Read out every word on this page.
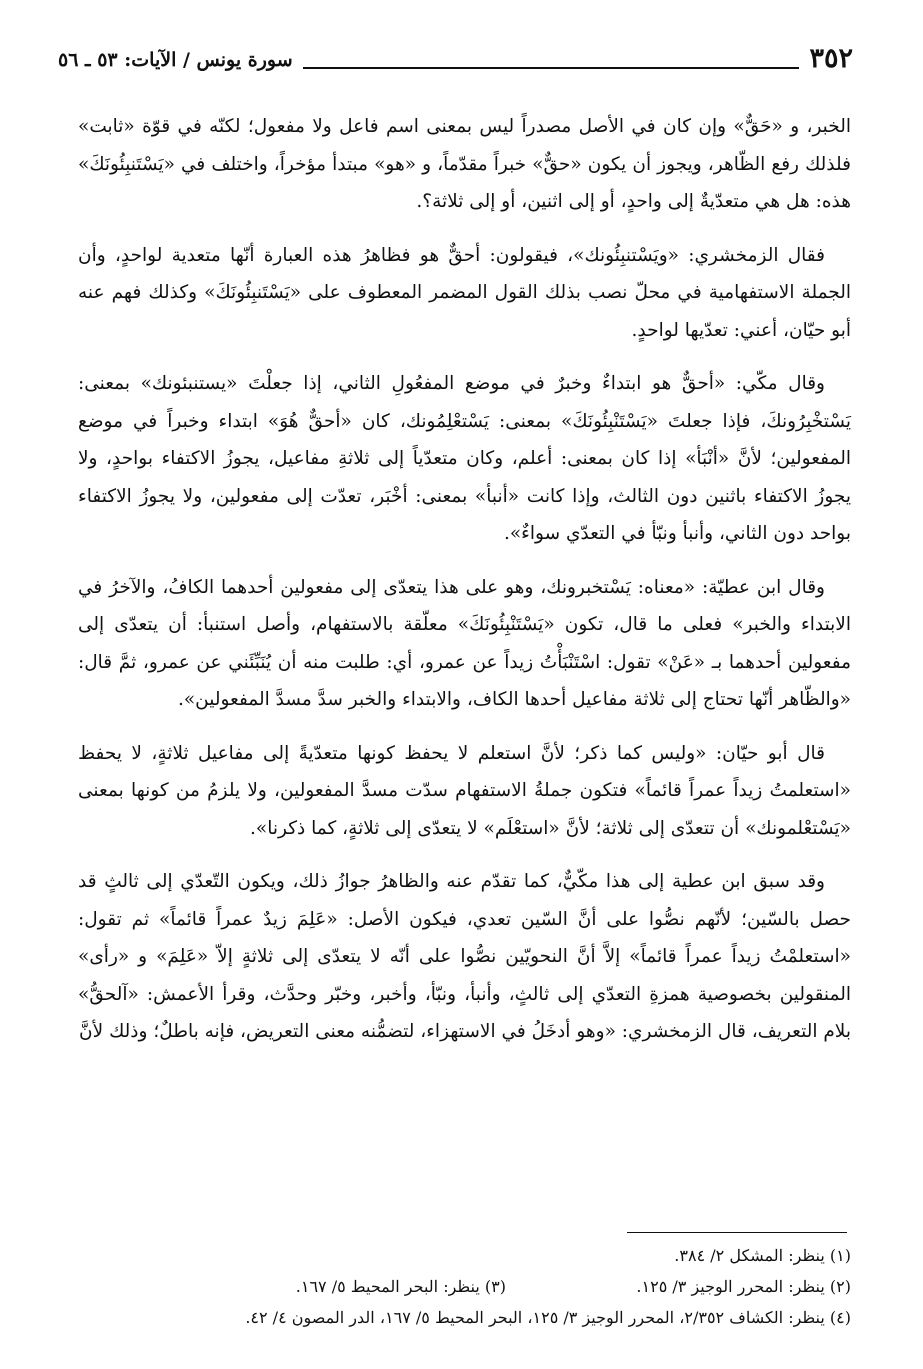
٣٥٢
سورة يونس / الآيات: ٥٣ ـ ٥٦

الخبر، و «حَقٌّ» وإن كان في الأصل مصدراً ليس بمعنى اسم فاعل ولا مفعول؛ لكنّه في قوّة «ثابت» فلذلك رفع الظّاهر، ويجوز أن يكون «حقٌّ» خبراً مقدّماً، و «هو» مبتدأ مؤخراً، واختلف في «يَسْتَنبِئُونَكَ» هذه: هل هي متعدّيةٌ إلى واحدٍ، أو إلى اثنين، أو إلى ثلاثة؟.

فقال الزمخشري: «ويَسْتنبِئُونك»، فيقولون: أحقٌّ هو فظاهرُ هذه العبارة أنّها متعدية لواحدٍ، وأن الجملة الاستفهامية في محلّ نصب بذلك القول المضمر المعطوف على «يَسْتَنبِئُونَكَ» وكذلك فهم عنه أبو حيّان، أعني: تعدّيها لواحدٍ.

وقال مكّي: «أحقٌّ هو ابتداءٌ وخبرٌ في موضع المفعُولِ الثاني، إذا جعلْتَ «يستنبئونك» بمعنى: يَسْتخْبِرُونكَ، فإذا جعلتَ «يَسْتَنْبِئُونَكَ» بمعنى: يَسْتعْلِمُونك، كان «أحقٌّ هُوَ» ابتداء وخبراً في موضع المفعولين؛ لأنَّ «أنْبَأ» إذا كان بمعنى: أعلم، وكان متعدّياً إلى ثلاثةِ مفاعيل، يجوزُ الاكتفاء بواحدٍ، ولا يجوزُ الاكتفاء باثنين دون الثالث، وإذا كانت «أنبأ» بمعنى: أخْبَر، تعدّت إلى مفعولين، ولا يجوزُ الاكتفاء بواحد دون الثاني، وأنبأ ونبّأ في التعدّي سواءٌ».

وقال ابن عطيّة: «معناه: يَسْتخبرونك، وهو على هذا يتعدّى إلى مفعولين أحدهما الكافُ، والآخرُ في الابتداء والخبر» فعلى ما قال، تكون «يَسْتَنْبِئُونَكَ» معلّقة بالاستفهام، وأصل استنبأ: أن يتعدّى إلى مفعولين أحدهما بـ «عَنْ» تقول: اسْتَنْبَأْتُ زيداً عن عمرو، أي: طلبت منه أن يُنَبِّئَني عن عمرو، ثمَّ قال: «والظّاهر أنّها تحتاج إلى ثلاثة مفاعيل أحدها الكاف، والابتداء والخبر سدَّ مسدَّ المفعولين».

قال أبو حيّان: «وليس كما ذكر؛ لأنَّ استعلم لا يحفظ كونها متعدّيةً إلى مفاعيل ثلاثةٍ، لا يحفظ «استعلمتُ زيداً عمراً قائماً» فتكون جملةُ الاستفهام سدّت مسدَّ المفعولين، ولا يلزمُ من كونها بمعنى «يَسْتعْلمونك» أن تتعدّى إلى ثلاثة؛ لأنَّ «استعْلَم» لا يتعدّى إلى ثلاثةٍ، كما ذكرنا».

وقد سبق ابن عطية إلى هذا مكّيٌّ، كما تقدّم عنه والظاهرُ جوازُ ذلك، ويكون التّعدّي إلى ثالثٍ قد حصل بالسّين؛ لأنّهم نصُّوا على أنَّ السّين تعدي، فيكون الأصل: «عَلِمَ زيدٌ عمراً قائماً» ثم تقول: «استعلمْتُ زيداً عمراً قائماً» إلاَّ أنَّ النحويّين نصُّوا على أنّه لا يتعدّى إلى ثلاثةٍ إلاّ «عَلِمَ» و «رأى» المنقولين بخصوصية همزةِ التعدّي إلى ثالثٍ، وأنبأ، ونبّأ، وأخبر، وخبّر وحدَّث، وقرأ الأعمش: «آلحقُّ» بلام التعريف، قال الزمخشري: «وهو أدخَلُ في الاستهزاء، لتضمُّنه معنى التعريض، فإنه باطلٌ؛ وذلك لأنَّ

(١) ينظر: المشكل ٢/ ٣٨٤.
(٢) ينظر: المحرر الوجيز ٣/ ١٢٥.
(٣) ينظر: البحر المحيط ٥/ ١٦٧.
(٤) ينظر: الكشاف ٢/٣٥٢، المحرر الوجيز ٣/ ١٢٥، البحر المحيط ٥/ ١٦٧، الدر المصون ٤/ ٤٢.
